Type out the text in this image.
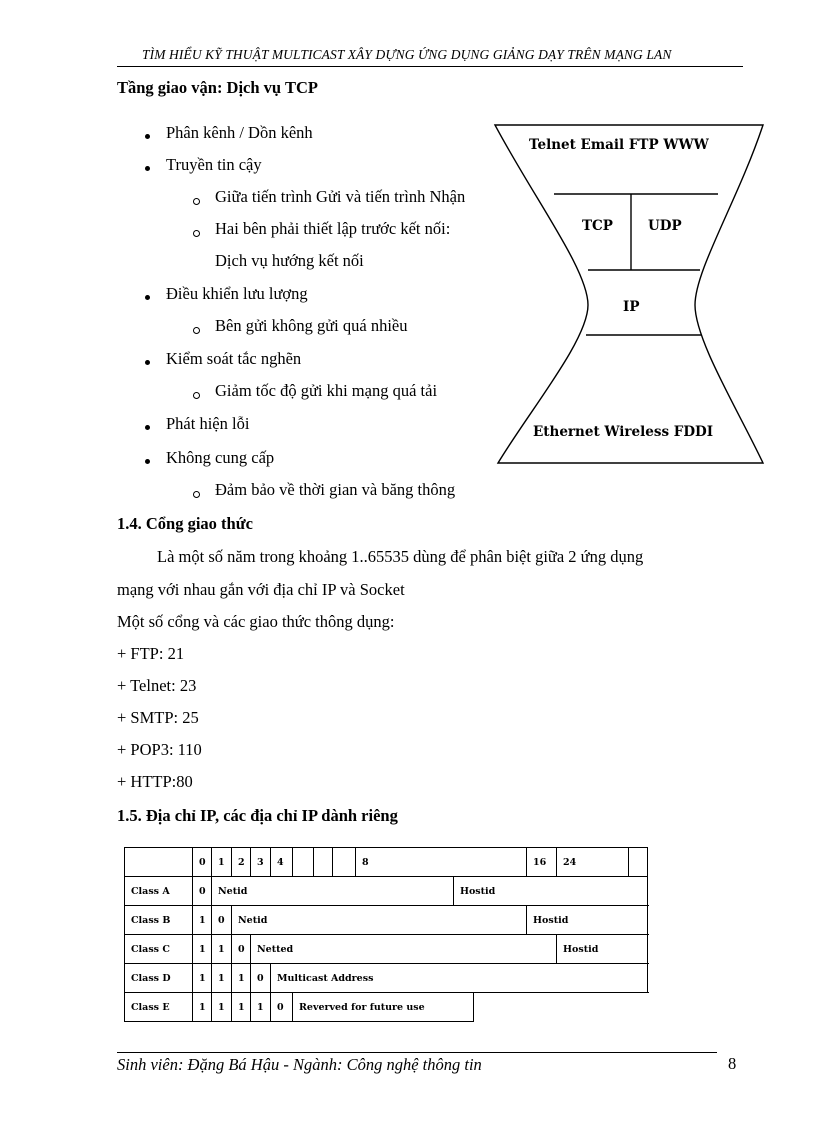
TÌM HIỂU KỸ THUẬT MULTICAST XÂY DỰNG ỨNG DỤNG GIẢNG DẠY TRÊN MẠNG LAN
Tầng giao vận: Dịch vụ TCP
Phân kênh / Dồn kênh
Truyền tin cậy
Giữa tiến trình Gửi và tiến trình Nhận
Hai bên phải thiết lập trước kết nối:
Dịch vụ hướng kết nối
Điều khiển lưu lượng
Bên gửi không gửi quá nhiều
Kiểm soát tắc nghẽn
Giảm tốc độ gửi khi mạng quá tải
Phát hiện lỗi
Không cung cấp
Đảm bảo về thời gian và băng thông
Telnet Email FTP WWW
TCP	UDP
IP
Ethernet Wireless FDDI
1.4. Cổng giao thức
Là một số năm trong khoảng 1..65535 dùng để phân biệt giữa 2 ứng dụng
mạng với nhau gắn với địa chỉ IP và Socket
Một số cổng và các giao thức thông dụng:
+ FTP: 21
+ Telnet: 23
+ SMTP: 25
+ POP3: 110
+ HTTP:80
1.5. Địa chỉ IP, các địa chỉ IP dành riêng
	0	1	2	3	4				8			16	24	
Class A	0	Netid								Hostid				
Class B	1	0	Netid									Hostid		
Class C	1	1	0	Netted									Hostid	
Class D	1	1	1	0	Multicast Address									
Class E	1	1	1	1	0	Reverved for future use								
Sinh viên: Đặng Bá Hậu - Ngành: Công nghệ thông tin	8
